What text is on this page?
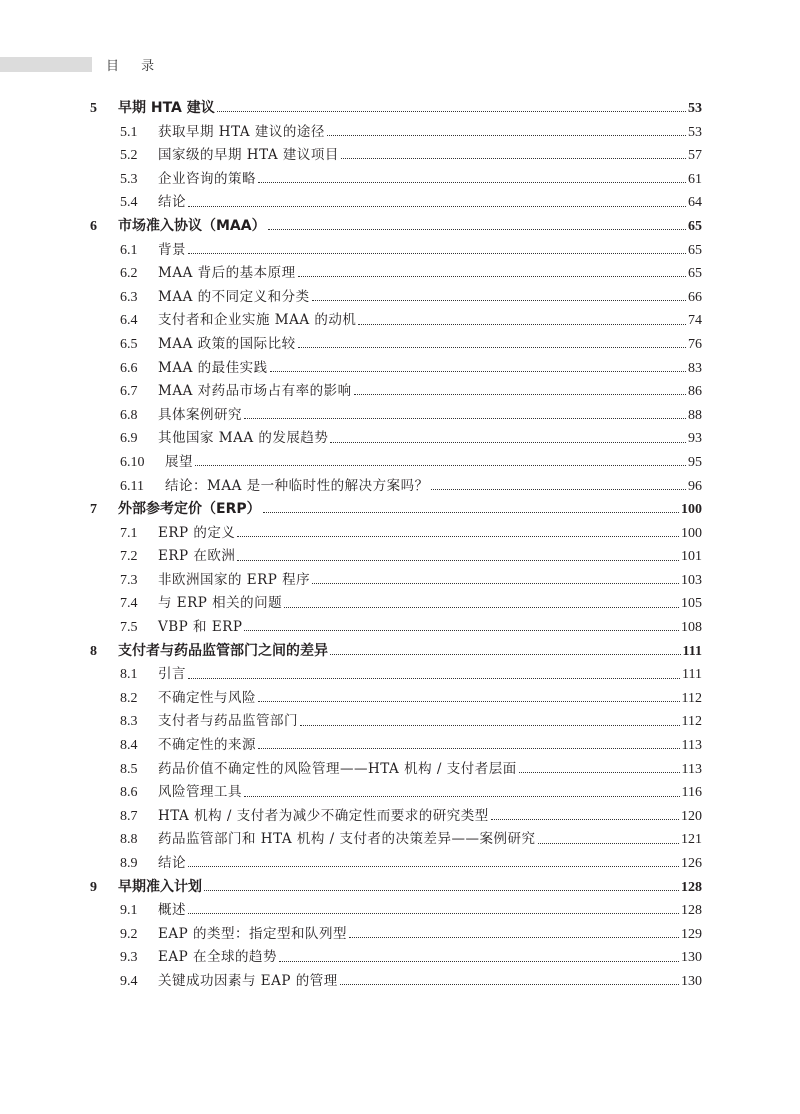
目 录
5	早期 HTA 建议	53
5.1	获取早期 HTA 建议的途径	53
5.2	国家级的早期 HTA 建议项目	57
5.3	企业咨询的策略	61
5.4	结论	64
6	市场准入协议（MAA）	65
6.1	背景	65
6.2	MAA 背后的基本原理	65
6.3	MAA 的不同定义和分类	66
6.4	支付者和企业实施 MAA 的动机	74
6.5	MAA 政策的国际比较	76
6.6	MAA 的最佳实践	83
6.7	MAA 对药品市场占有率的影响	86
6.8	具体案例研究	88
6.9	其他国家 MAA 的发展趋势	93
6.10	展望	95
6.11	结论：MAA 是一种临时性的解决方案吗？	96
7	外部参考定价（ERP）	100
7.1	ERP 的定义	100
7.2	ERP 在欧洲	101
7.3	非欧洲国家的 ERP 程序	103
7.4	与 ERP 相关的问题	105
7.5	VBP 和 ERP	108
8	支付者与药品监管部门之间的差异	111
8.1	引言	111
8.2	不确定性与风险	112
8.3	支付者与药品监管部门	112
8.4	不确定性的来源	113
8.5	药品价值不确定性的风险管理——HTA 机构 / 支付者层面	113
8.6	风险管理工具	116
8.7	HTA 机构 / 支付者为减少不确定性而要求的研究类型	120
8.8	药品监管部门和 HTA 机构 / 支付者的决策差异——案例研究	121
8.9	结论	126
9	早期准入计划	128
9.1	概述	128
9.2	EAP 的类型：指定型和队列型	129
9.3	EAP 在全球的趋势	130
9.4	关键成功因素与 EAP 的管理	130
